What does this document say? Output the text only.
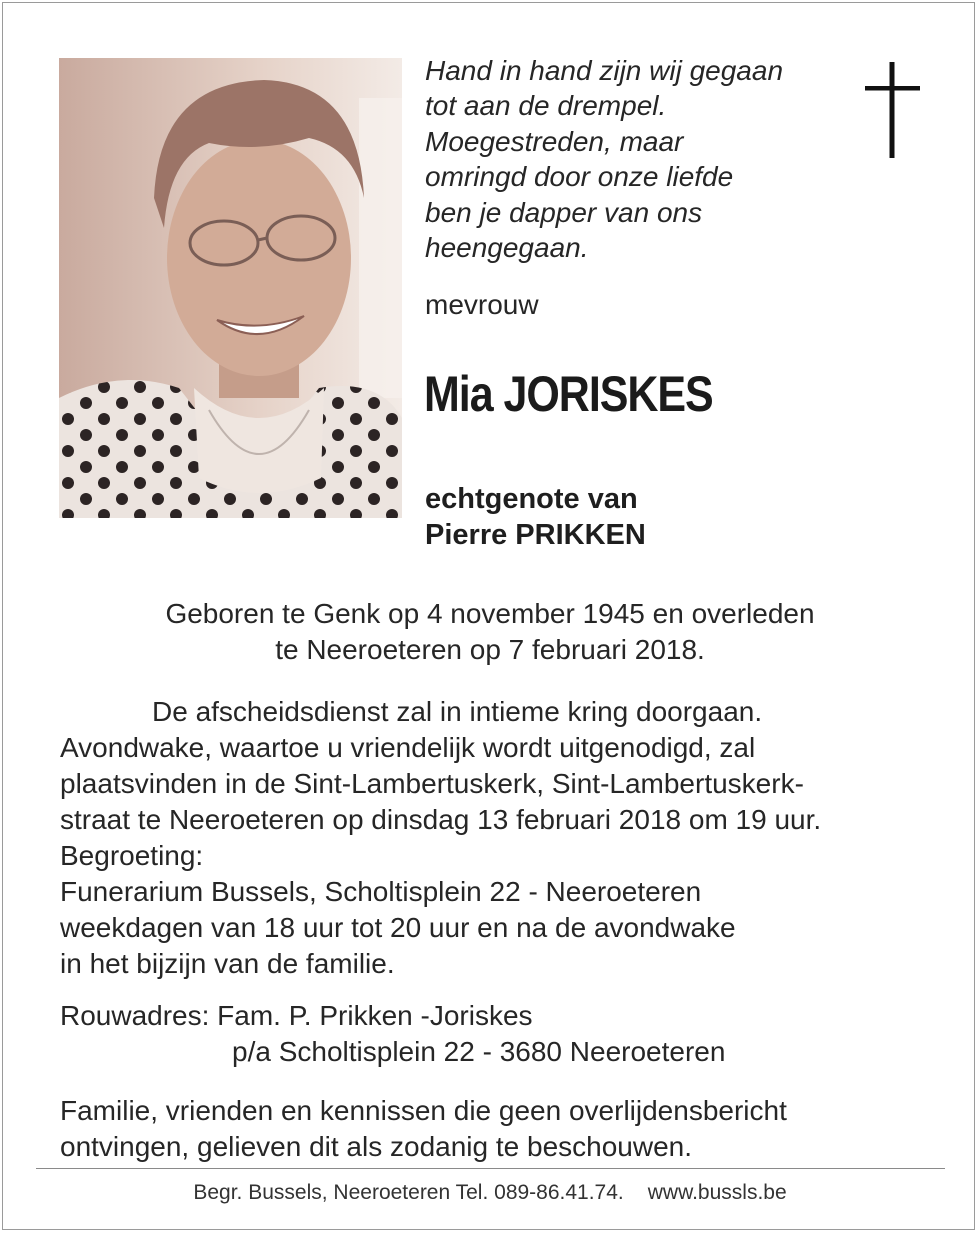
Hand in hand zijn wij gegaan
tot aan de drempel.
Moegestreden, maar
omringd door onze liefde
ben je dapper van ons
heengegaan.
mevrouw
Mia JORISKES
echtgenote van
Pierre PRIKKEN
Geboren te Genk op 4 november 1945 en overleden
te Neeroeteren op 7 februari 2018.
De afscheidsdienst zal in intieme kring doorgaan.
Avondwake, waartoe u vriendelijk wordt uitgenodigd, zal
plaatsvinden in de Sint-Lambertuskerk, Sint-Lambertuskerk-
straat te Neeroeteren op dinsdag 13 februari 2018 om 19 uur.
Begroeting:
Funerarium Bussels, Scholtisplein 22 - Neeroeteren
weekdagen van 18 uur tot 20 uur en na de avondwake
in het bijzijn van de familie.
Rouwadres: Fam. P. Prikken -Joriskes
p/a Scholtisplein 22 - 3680 Neeroeteren
Familie, vrienden en kennissen die geen overlijdensbericht
ontvingen, gelieven dit als zodanig te beschouwen.
Begr. Bussels, Neeroeteren Tel. 089-86.41.74. www.bussls.be
